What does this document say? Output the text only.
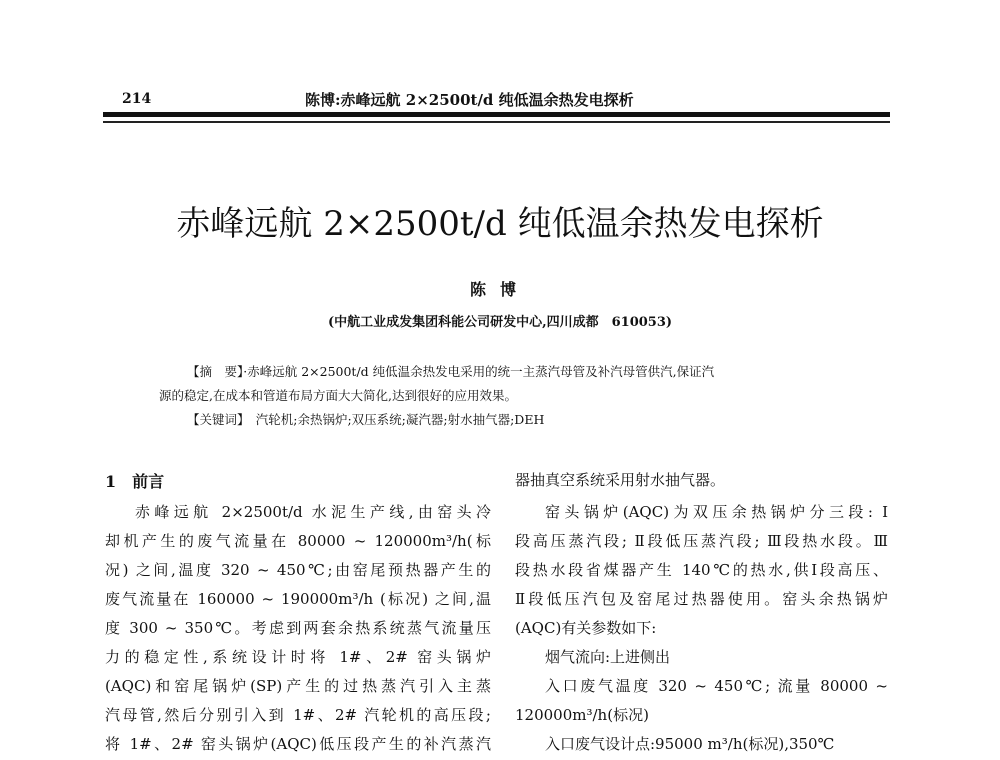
214	陈博:赤峰远航 2×2500t/d 纯低温余热发电探析
赤峰远航 2×2500t/d 纯低温余热发电探析
陈博
(中航工业成发集团科能公司研发中心,四川成都　610053)
【摘　要】·赤峰远航 2×2500t/d 纯低温余热发电采用的统一主蒸汽母管及补汽母管供汽,保证汽
源的稳定,在成本和管道布局方面大大简化,达到很好的应用效果。
【关键词】　汽轮机;余热锅炉;双压系统;凝汽器;射水抽气器;DEH
1　前言
赤峰远航 2×2500t/d 水泥生产线,由窑头冷
却机产生的废气流量在 80000 ~ 120000m³/h(标
况) 之间,温度 320 ~ 450℃;由窑尾预热器产生的
废气流量在 160000 ~ 190000m³/h (标况) 之间,温
度 300 ~ 350℃。考虑到两套余热系统蒸气流量压
力的稳定性,系统设计时将 1#、2# 窑头锅炉
(AQC)和窑尾锅炉(SP)产生的过热蒸汽引入主蒸
汽母管,然后分别引入到 1#、2# 汽轮机的高压段;
将 1#、2# 窑头锅炉(AQC)低压段产生的补汽蒸汽
器抽真空系统采用射水抽气器。
窑头锅炉(AQC)为双压余热锅炉分三段: Ⅰ
段高压蒸汽段; Ⅱ段低压蒸汽段; Ⅲ段热水段。Ⅲ
段热水段省煤器产生 140℃的热水,供Ⅰ段高压、
Ⅱ段低压汽包及窑尾过热器使用。窑头余热锅炉
(AQC)有关参数如下:
烟气流向:上进侧出
入口废气温度 320 ~ 450℃; 流量 80000 ~
120000m³/h(标况)
入口废气设计点:95000 m³/h(标况),350℃
